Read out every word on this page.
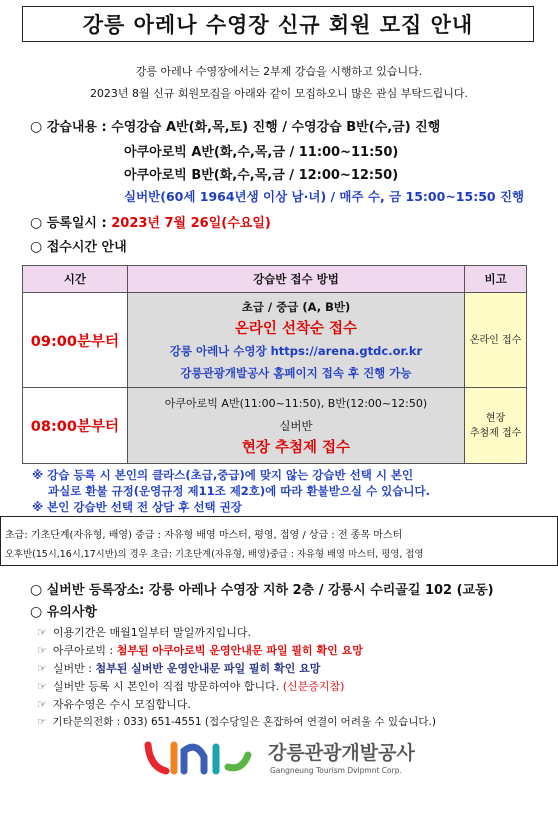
강릉 아레나 수영장 신규 회원 모집 안내
강릉 아레나 수영장에서는 2부제 강습을 시행하고 있습니다.
2023년 8월 신규 회원모집을 아래와 같이 모집하오니 많은 관심 부탁드립니다.
○ 강습내용 : 수영강습 A반(화,목,토) 진행 / 수영강습 B반(수,금) 진행
아쿠아로빅 A반(화,수,목,금 / 11:00~11:50)
아쿠아로빅 B반(화,수,목,금 / 12:00~12:50)
실버반(60세 1964년생 이상 남·녀) / 매주 수, 금 15:00~15:50 진행
○ 등록일시 : 2023년 7월 26일(수요일)
○ 접수시간 안내
시간	강습반 접수 방법	비고
09:00분부터	초급 / 중급 (A, B반)
온라인 선착순 접수
강릉 아레나 수영장 https://arena.gtdc.or.kr
강릉관광개발공사 홈페이지 접속 후 진행 가능	온라인 접수

08:00분부터	아쿠아로빅 A반(11:00~11:50), B반(12:00~12:50)
실버반
현장 추첨제 접수	현장
추첨제 접수
※ 강습 등록 시 본인의 클라스(초급,중급)에 맞지 않는 강습반 선택 시 본인
과실로 환불 규정(운영규정 제11조 제2호)에 따라 환불받으실 수 있습니다.
※ 본인 강습반 선택 전 상담 후 선택 권장
초급: 기초단계(자유형, 배영) 중급 : 자유형 배영 마스터, 평영, 접영 / 상급 : 전 종목 마스터
오후반(15시,16시,17시반)의 경우 초급: 기초단계(자유형, 배영)중급 : 자유형 배영 마스터, 평영, 접영
○ 실버반 등록장소: 강릉 아레나 수영장 지하 2층 / 강릉시 수리골길 102 (교동)
○ 유의사항
☞ 이용기간은 매월1일부터 말일까지입니다.
☞ 아쿠아로빅 : 첨부된 아쿠아로빅 운영안내문 파일 필히 확인 요망
☞ 실버반 : 첨부된 실버반 운영안내문 파일 필히 확인 요망
☞ 실버반 등록 시 본인이 직접 방문하여야 합니다. (신분증지참)
☞ 자유수영은 수시 모집합니다.
☞ 기타문의전화 : 033) 651-4551 (접수당일은 혼잡하여 연결이 어려울 수 있습니다.)
강릉관광개발공사
Gangneung Tourism Dvlpmnt Corp.
